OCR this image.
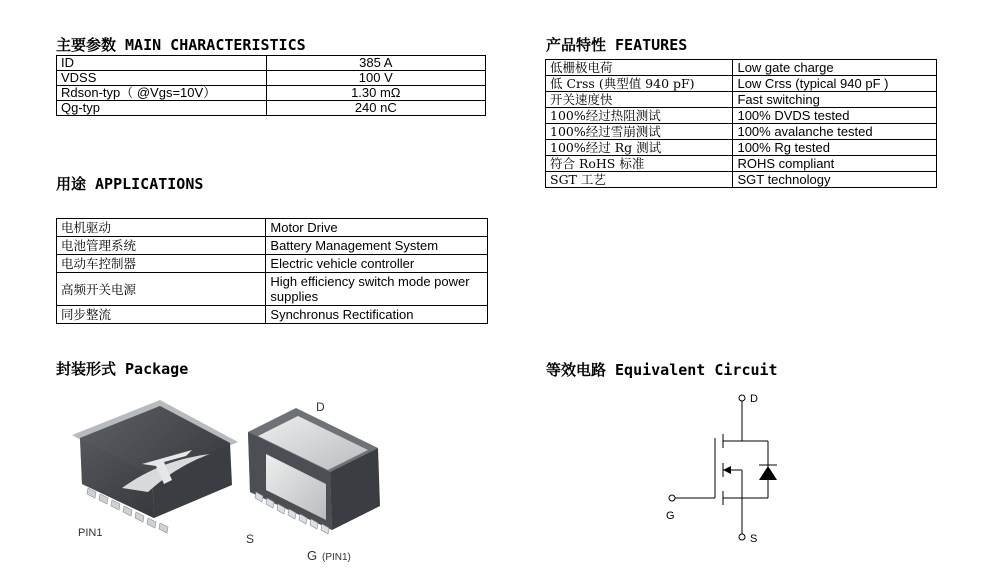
主要参数 MAIN CHARACTERISTICS
ID	385 A
VDSS	100 V
Rdson-typ（ @Vgs=10V）	1.30 mΩ
Qg-typ	240 nC
产品特性 FEATURES
低栅极电荷	Low gate charge
低 Crss (典型值 940 pF)	Low Crss (typical 940 pF )
开关速度快	Fast switching
100%经过热阻测试	100% DVDS tested
100%经过雪崩测试	100% avalanche tested
100%经过 Rg 测试	100% Rg tested
符合 RoHS 标准	ROHS compliant
SGT 工艺	SGT technology
用途 APPLICATIONS
电机驱动	Motor Drive
电池管理系统	Battery Management System
电动车控制器	Electric vehicle controller
高频开关电源	High efficiency switch mode power supplies
同步整流	Synchronus Rectification
封装形式 Package
PIN1
D
S
G (PIN1)
等效电路 Equivalent Circuit
D
G
S
